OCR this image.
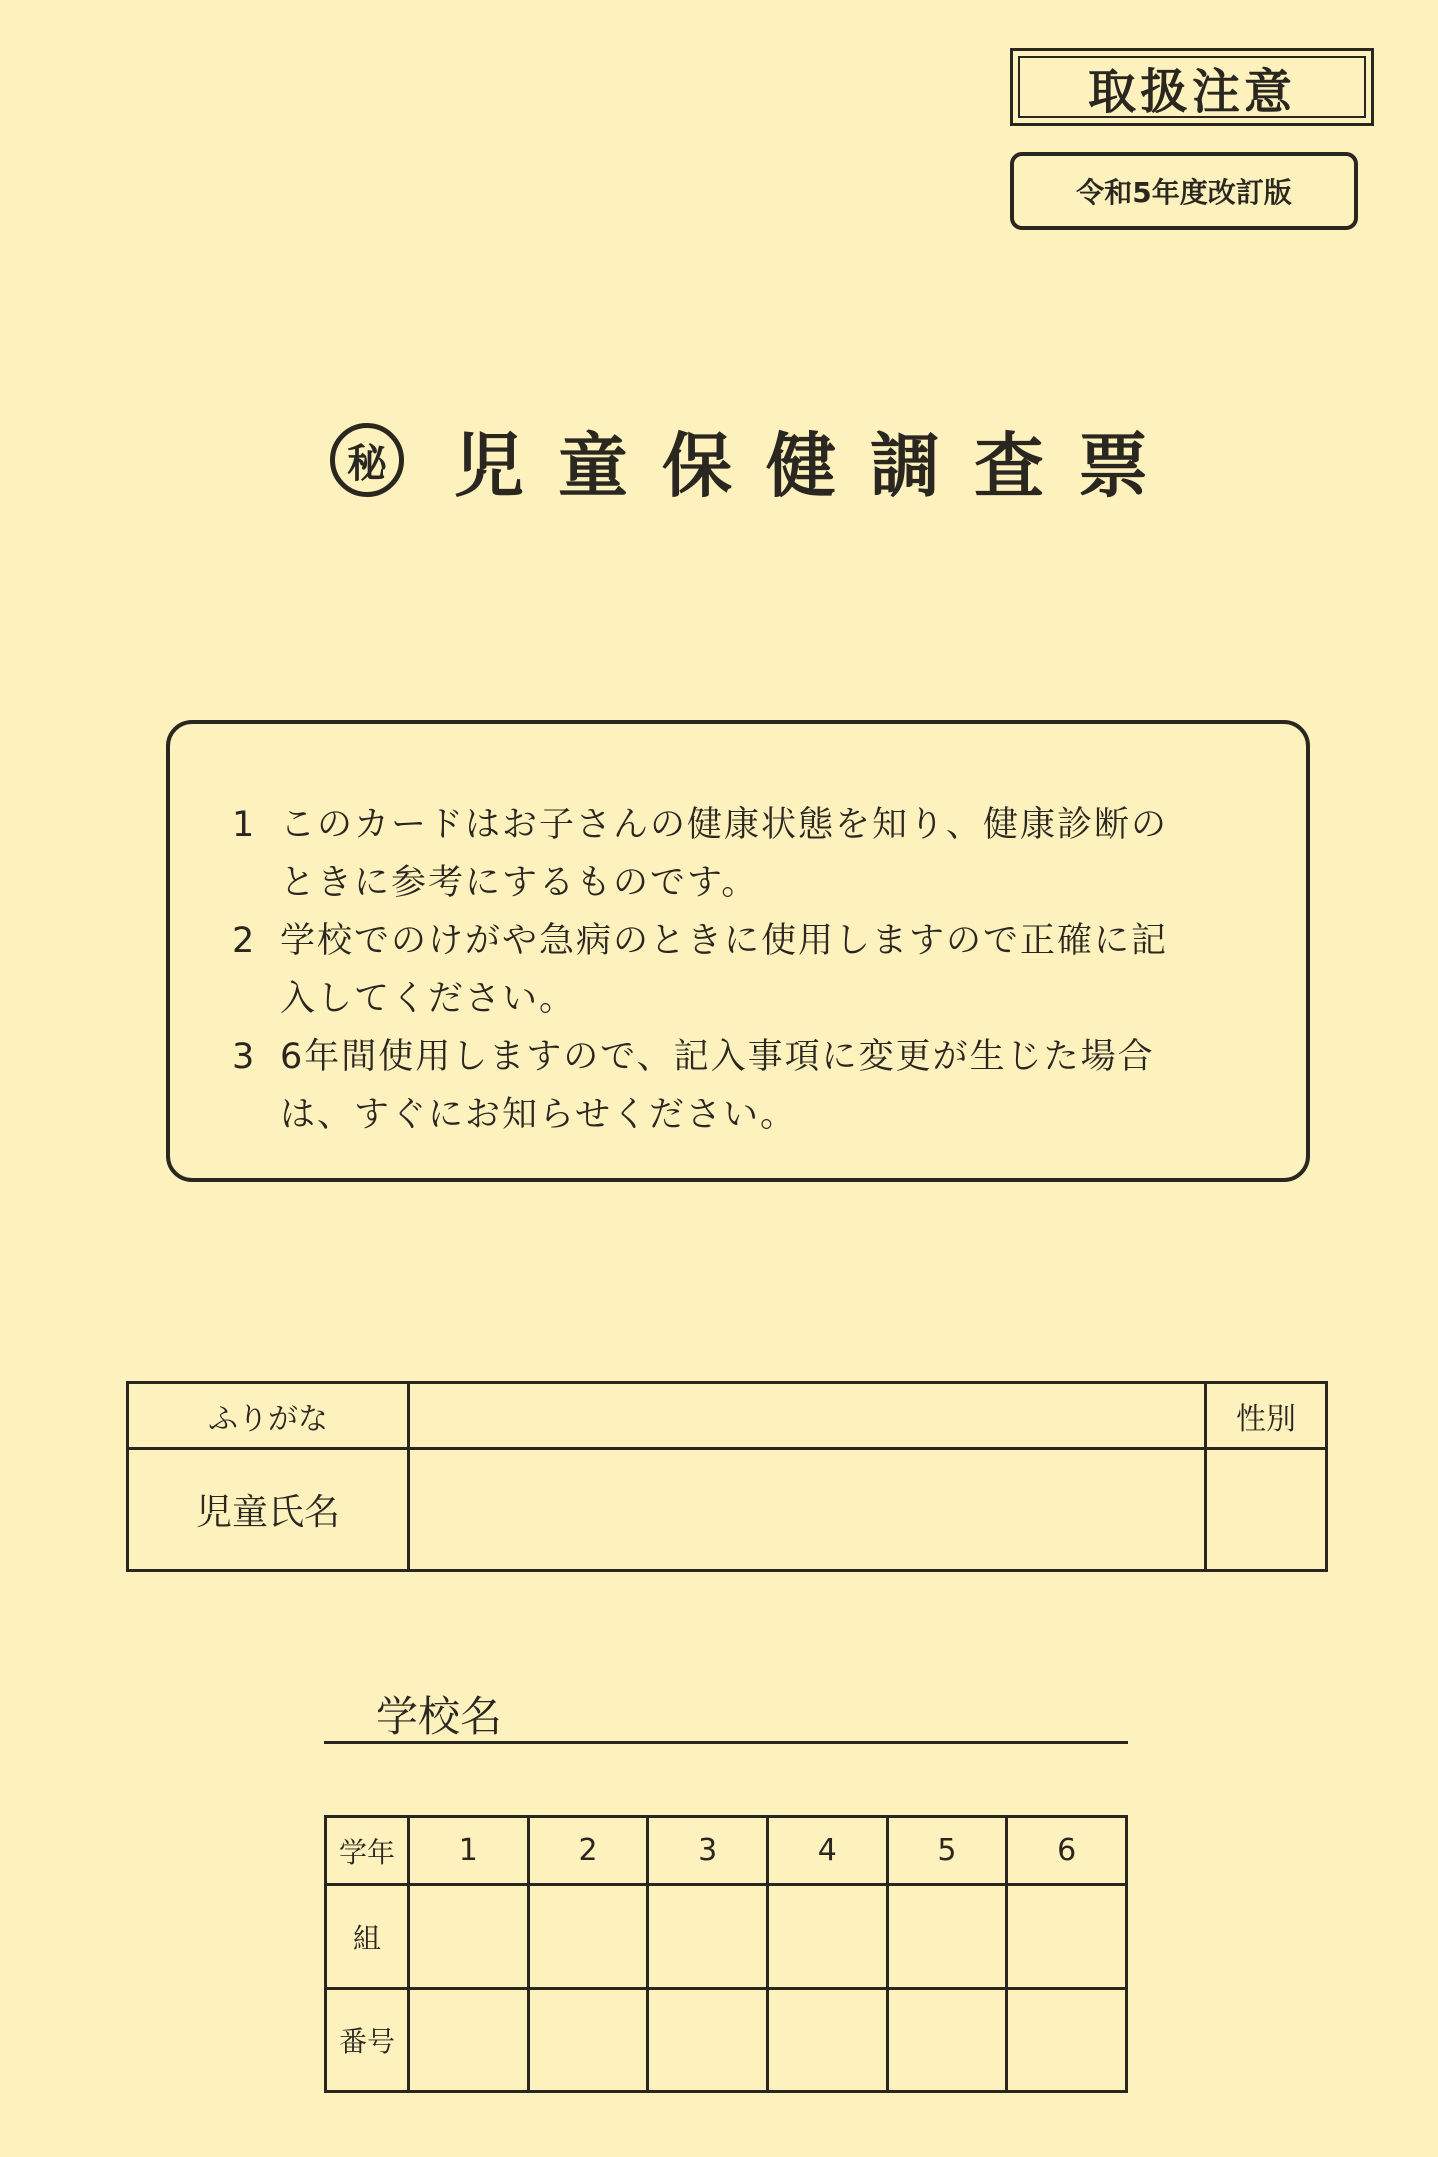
取扱注意
令和5年度改訂版
秘 児童保健調査票
1 このカードはお子さんの健康状態を知り、健康診断の
ときに参考にするものです。
2 学校でのけがや急病のときに使用しますので正確に記
入してください。
3 6年間使用しますので、記入事項に変更が生じた場合
は、すぐにお知らせください。
ふりがな		性別
児童氏名		
学校名
学年	1	2	3	4	5	6
組						
番号						
